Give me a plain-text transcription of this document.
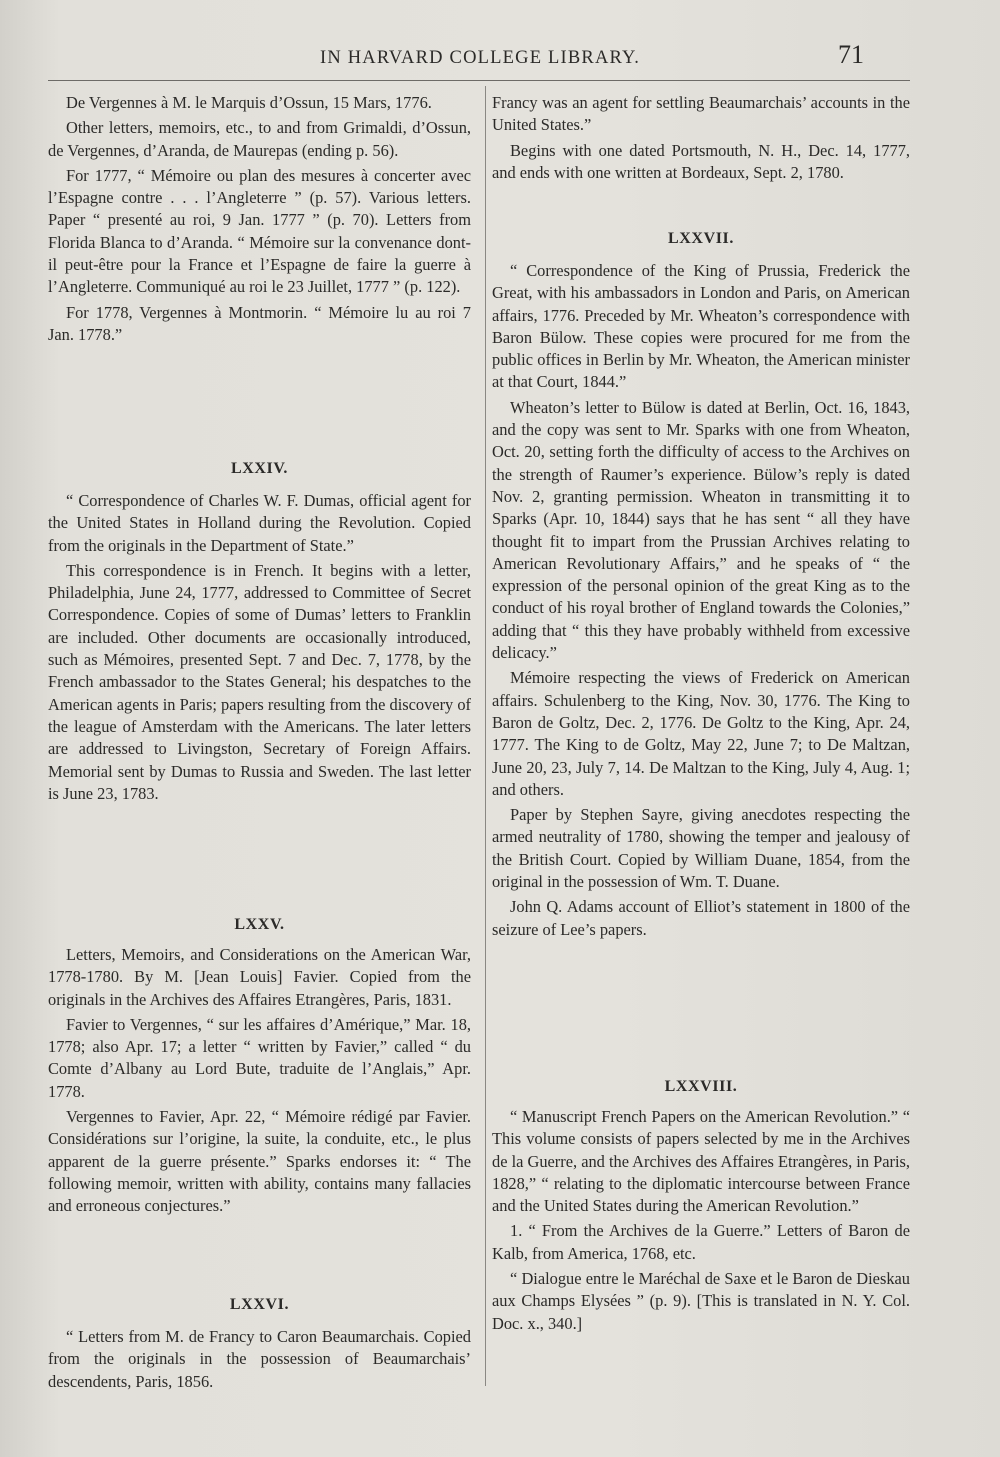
IN HARVARD COLLEGE LIBRARY.	71

De Vergennes à M. le Marquis d’Ossun, 15 Mars, 1776.

Other letters, memoirs, etc., to and from Grimaldi, d’Ossun, de Vergennes, d’Aranda, de Maurepas (ending p. 56).

For 1777, “ Mémoire ou plan des mesures à concerter avec l’Espagne contre . . . l’Angleterre ” (p. 57). Various letters. Paper “ presenté au roi, 9 Jan. 1777 ” (p. 70). Letters from Florida Blanca to d’Aranda. “ Mémoire sur la convenance dont-il peut-être pour la France et l’Espagne de faire la guerre à l’Angleterre. Communiqué au roi le 23 Juillet, 1777 ” (p. 122).

For 1778, Vergennes à Montmorin. “ Mémoire lu au roi 7 Jan. 1778.”

LXXIV.

“ Correspondence of Charles W. F. Dumas, official agent for the United States in Holland during the Revolution. Copied from the originals in the Department of State.”

This correspondence is in French. It begins with a letter, Philadelphia, June 24, 1777, addressed to Committee of Secret Correspondence. Copies of some of Dumas’ letters to Franklin are included. Other documents are occasionally introduced, such as Mémoires, presented Sept. 7 and Dec. 7, 1778, by the French ambassador to the States General; his despatches to the American agents in Paris; papers resulting from the discovery of the league of Amsterdam with the Americans. The later letters are addressed to Livingston, Secretary of Foreign Affairs. Memorial sent by Dumas to Russia and Sweden. The last letter is June 23, 1783.

LXXV.

Letters, Memoirs, and Considerations on the American War, 1778-1780. By M. [Jean Louis] Favier. Copied from the originals in the Archives des Affaires Etrangères, Paris, 1831.

Favier to Vergennes, “ sur les affaires d’Amérique,” Mar. 18, 1778; also Apr. 17; a letter “ written by Favier,” called “ du Comte d’Albany au Lord Bute, traduite de l’Anglais,” Apr. 1778.

Vergennes to Favier, Apr. 22, “ Mémoire rédigé par Favier. Considérations sur l’origine, la suite, la conduite, etc., le plus apparent de la guerre présente.” Sparks endorses it: “ The following memoir, written with ability, contains many fallacies and erroneous conjectures.”

LXXVI.

“ Letters from M. de Francy to Caron Beaumarchais. Copied from the originals in the possession of Beaumarchais’ descendents, Paris, 1856.

Francy was an agent for settling Beaumarchais’ accounts in the United States.”

Begins with one dated Portsmouth, N. H., Dec. 14, 1777, and ends with one written at Bordeaux, Sept. 2, 1780.

LXXVII.

“ Correspondence of the King of Prussia, Frederick the Great, with his ambassadors in London and Paris, on American affairs, 1776. Preceded by Mr. Wheaton’s correspondence with Baron Bülow. These copies were procured for me from the public offices in Berlin by Mr. Wheaton, the American minister at that Court, 1844.”

Wheaton’s letter to Bülow is dated at Berlin, Oct. 16, 1843, and the copy was sent to Mr. Sparks with one from Wheaton, Oct. 20, setting forth the difficulty of access to the Archives on the strength of Raumer’s experience. Bülow’s reply is dated Nov. 2, granting permission. Wheaton in transmitting it to Sparks (Apr. 10, 1844) says that he has sent “ all they have thought fit to impart from the Prussian Archives relating to American Revolutionary Affairs,” and he speaks of “ the expression of the personal opinion of the great King as to the conduct of his royal brother of England towards the Colonies,” adding that “ this they have probably withheld from excessive delicacy.”

Mémoire respecting the views of Frederick on American affairs. Schulenberg to the King, Nov. 30, 1776. The King to Baron de Goltz, Dec. 2, 1776. De Goltz to the King, Apr. 24, 1777. The King to de Goltz, May 22, June 7; to De Maltzan, June 20, 23, July 7, 14. De Maltzan to the King, July 4, Aug. 1; and others.

Paper by Stephen Sayre, giving anecdotes respecting the armed neutrality of 1780, showing the temper and jealousy of the British Court. Copied by William Duane, 1854, from the original in the possession of Wm. T. Duane.

John Q. Adams account of Elliot’s statement in 1800 of the seizure of Lee’s papers.

LXXVIII.

“ Manuscript French Papers on the American Revolution.” “ This volume consists of papers selected by me in the Archives de la Guerre, and the Archives des Affaires Etrangères, in Paris, 1828,” “ relating to the diplomatic intercourse between France and the United States during the American Revolution.”

1. “ From the Archives de la Guerre.” Letters of Baron de Kalb, from America, 1768, etc.

“ Dialogue entre le Maréchal de Saxe et le Baron de Dieskau aux Champs Elysées ” (p. 9). [This is translated in N. Y. Col. Doc. x., 340.]
